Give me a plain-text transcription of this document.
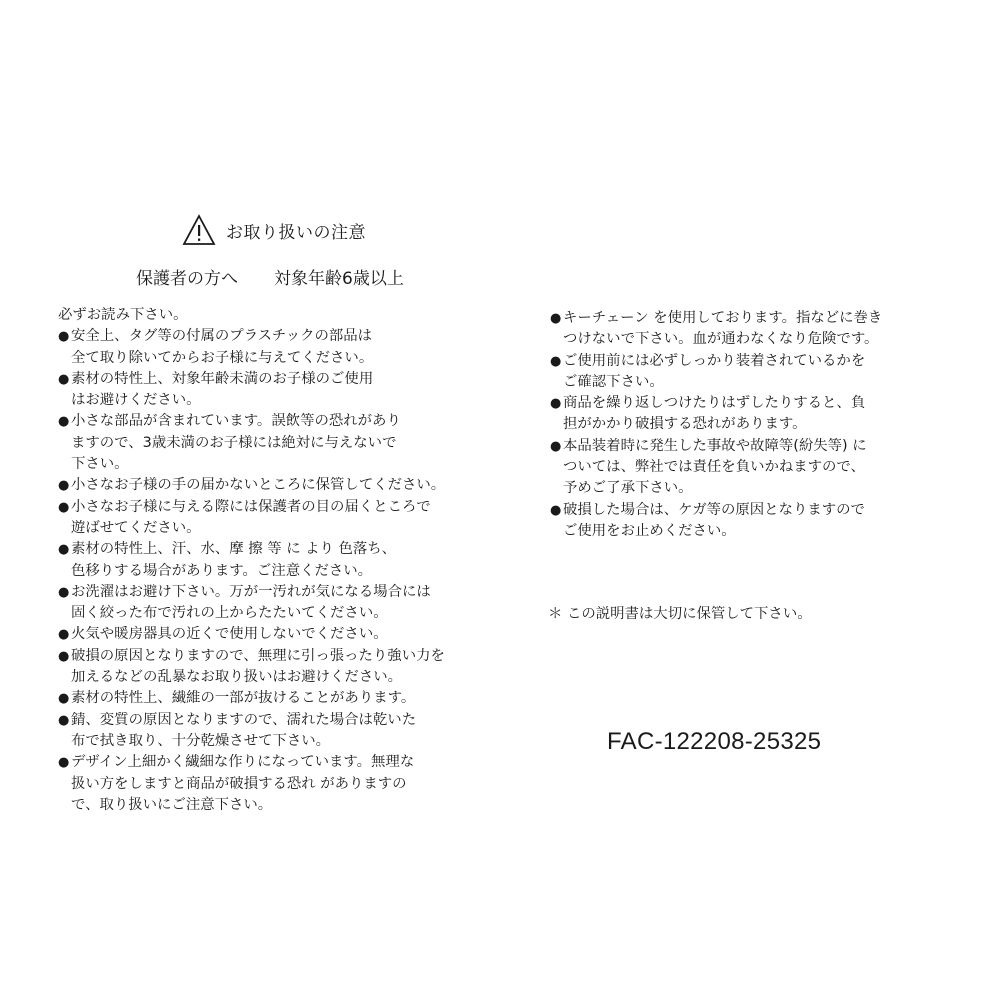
お取り扱いの注意
保護者の方へ 対象年齢6歳以上
必ずお読み下さい。
● 安全上、タグ等の付属のプラスチックの部品は
全て取り除いてからお子様に与えてください。
● 素材の特性上、対象年齢未満のお子様のご使用
はお避けください。
● 小さな部品が含まれています。誤飲等の恐れがあり
ますので、3歳未満のお子様には絶対に与えないで
下さい。
● 小さなお子様の手の届かないところに保管してください。
● 小さなお子様に与える際には保護者の目の届くところで
遊ばせてください。
● 素材の特性上、汗、水、摩 擦 等 に より 色落ち、
色移りする場合があります。ご注意ください。
● お洗濯はお避け下さい。万が一汚れが気になる場合には
固く絞った布で汚れの上からたたいてください。
● 火気や暖房器具の近くで使用しないでください。
● 破損の原因となりますので、無理に引っ張ったり強い力を
加えるなどの乱暴なお取り扱いはお避けください。
● 素材の特性上、繊維の一部が抜けることがあります。
● 錆、変質の原因となりますので、濡れた場合は乾いた
布で拭き取り、十分乾燥させて下さい。
● デザイン上細かく繊細な作りになっています。無理な
扱い方をしますと商品が破損する恐れ がありますの
で、取り扱いにご注意下さい。
● キーチェーン を使用しております。指などに巻き
つけないで下さい。血が通わなくなり危険です。
● ご使用前には必ずしっかり装着されているかを
ご確認下さい。
● 商品を繰り返しつけたりはずしたりすると、負
担がかかり破損する恐れがあります。
● 本品装着時に発生した事故や故障等(紛失等) に
ついては、弊社では責任を負いかねますので、
予めご了承下さい。
● 破損した場合は、ケガ等の原因となりますので
ご使用をお止めください。
＊ この説明書は大切に保管して下さい。
FAC-122208-25325
